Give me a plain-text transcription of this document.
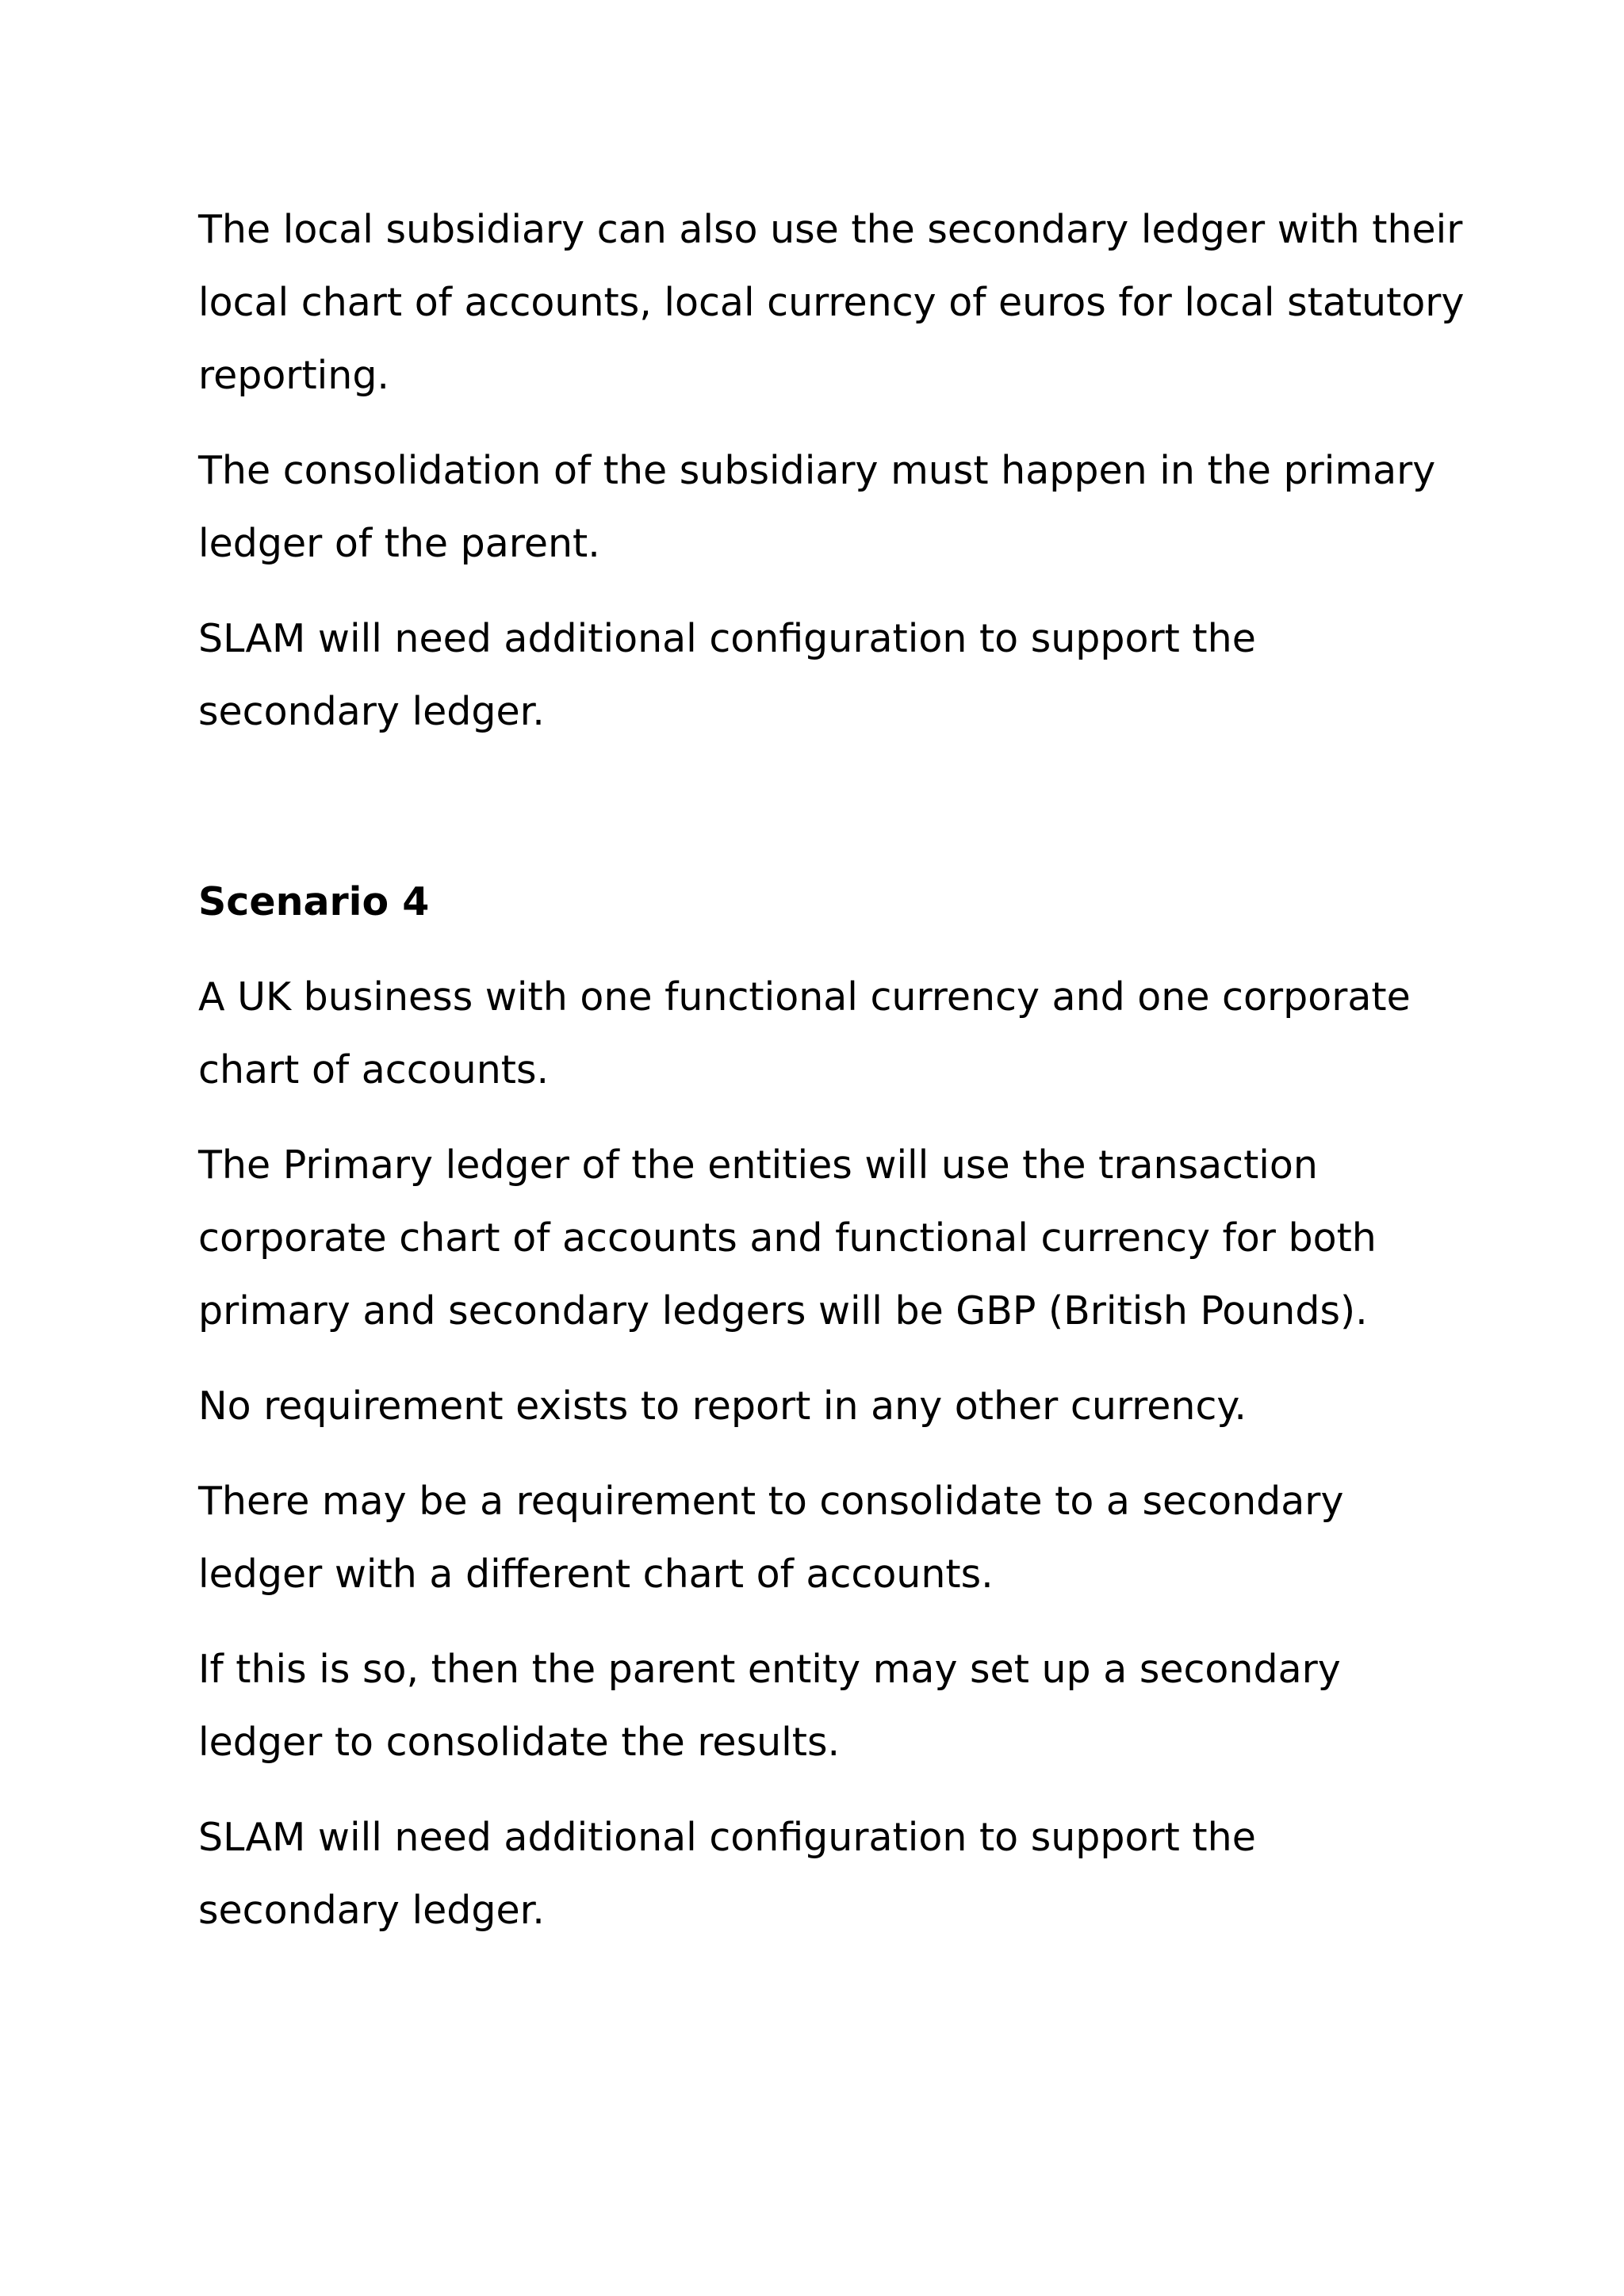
The local subsidiary can also use the secondary ledger with their local chart of accounts, local currency of euros for local statutory reporting.

The consolidation of the subsidiary must happen in the primary ledger of the parent.

SLAM will need additional configuration to support the secondary ledger.

Scenario 4

A UK business with one functional currency and one corporate chart of accounts.

The Primary ledger of the entities will use the transaction corporate chart of accounts and functional currency for both primary and secondary ledgers will be GBP (British Pounds).

No requirement exists to report in any other currency.

There may be a requirement to consolidate to a secondary ledger with a different chart of accounts.

If this is so, then the parent entity may set up a secondary ledger to consolidate the results.

SLAM will need additional configuration to support the secondary ledger.
